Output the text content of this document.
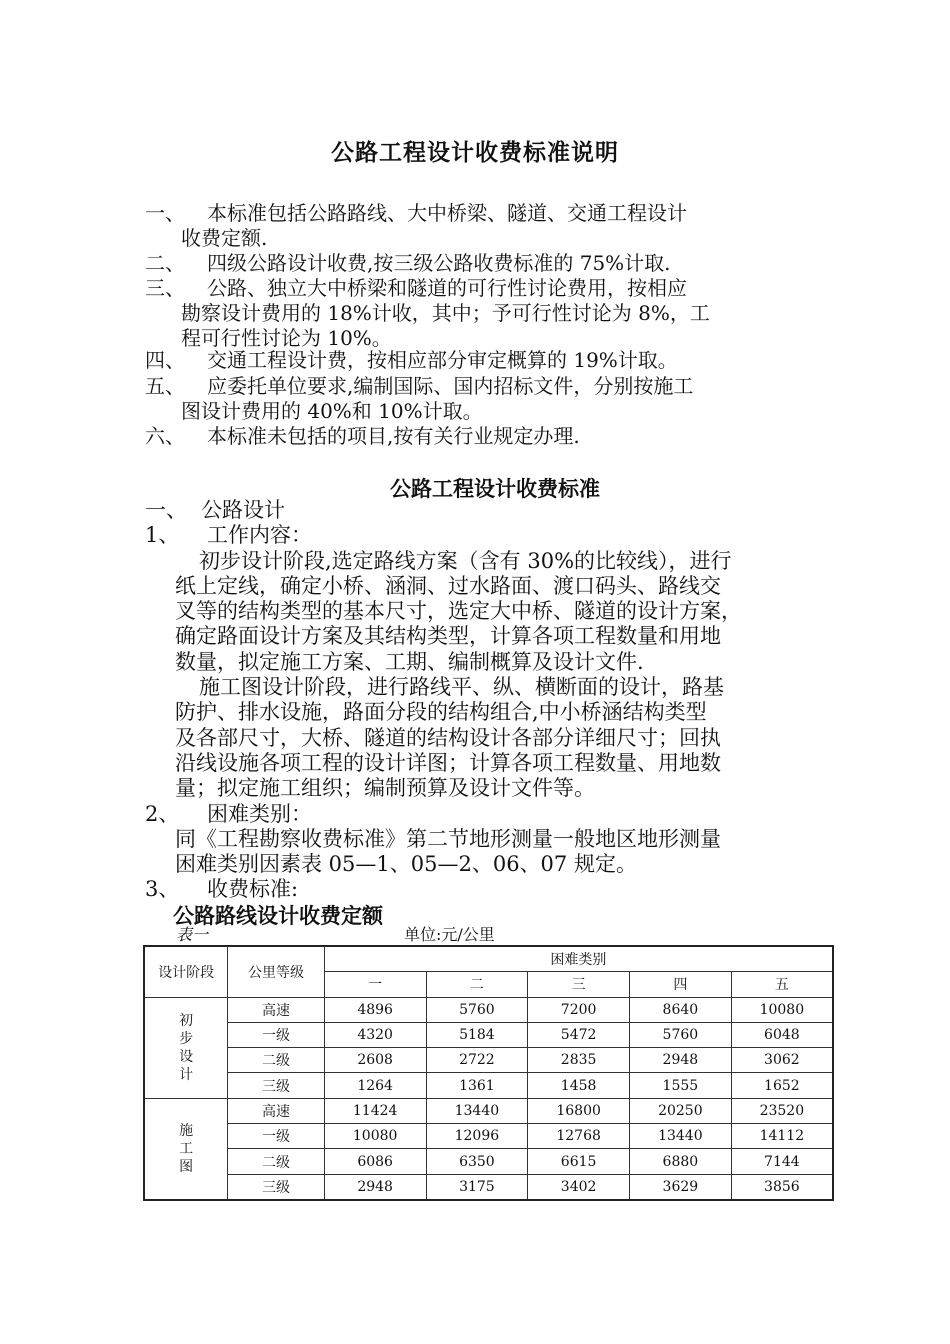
公路工程设计收费标准说明
一、 本标准包括公路路线、大中桥梁、隧道、交通工程设计
收费定额.
二、 四级公路设计收费,按三级公路收费标准的 75%计取.
三、 公路、独立大中桥梁和隧道的可行性讨论费用，按相应
勘察设计费用的 18%计收，其中；予可行性讨论为 8%，工
程可行性讨论为 10%。
四、 交通工程设计费，按相应部分审定概算的 19%计取。
五、 应委托单位要求,编制国际、国内招标文件，分别按施工
图设计费用的 40%和 10%计取。
六、 本标准未包括的项目,按有关行业规定办理.
公路工程设计收费标准
一、 公路设计
1、 工作内容：
初步设计阶段,选定路线方案（含有 30%的比较线），进行
纸上定线，确定小桥、涵洞、过水路面、渡口码头、路线交
叉等的结构类型的基本尺寸，选定大中桥、隧道的设计方案，
确定路面设计方案及其结构类型，计算各项工程数量和用地
数量，拟定施工方案、工期、编制概算及设计文件.
施工图设计阶段，进行路线平、纵、横断面的设计，路基
防护、排水设施，路面分段的结构组合,中小桥涵结构类型
及各部尺寸，大桥、隧道的结构设计各部分详细尺寸；回执
沿线设施各项工程的设计详图；计算各项工程数量、用地数
量；拟定施工组织；编制预算及设计文件等。
2、 困难类别：
同《工程勘察收费标准》第二节地形测量一般地区地形测量
困难类别因素表 05—1、05—2、06、07 规定。
3、 收费标准:
公路路线设计收费定额
表一	单位:元/公里
设计阶段	公里等级	困难类别				
		一	二	三	四	五

初
步
设
计	高速	4896	5760	7200	8640	10080
	一级	4320	5184	5472	5760	6048
	二级	2608	2722	2835	2948	3062
	三级	1264	1361	1458	1555	1652

施
工
图	高速	11424	13440	16800	20250	23520
	一级	10080	12096	12768	13440	14112
	二级	6086	6350	6615	6880	7144
	三级	2948	3175	3402	3629	3856
